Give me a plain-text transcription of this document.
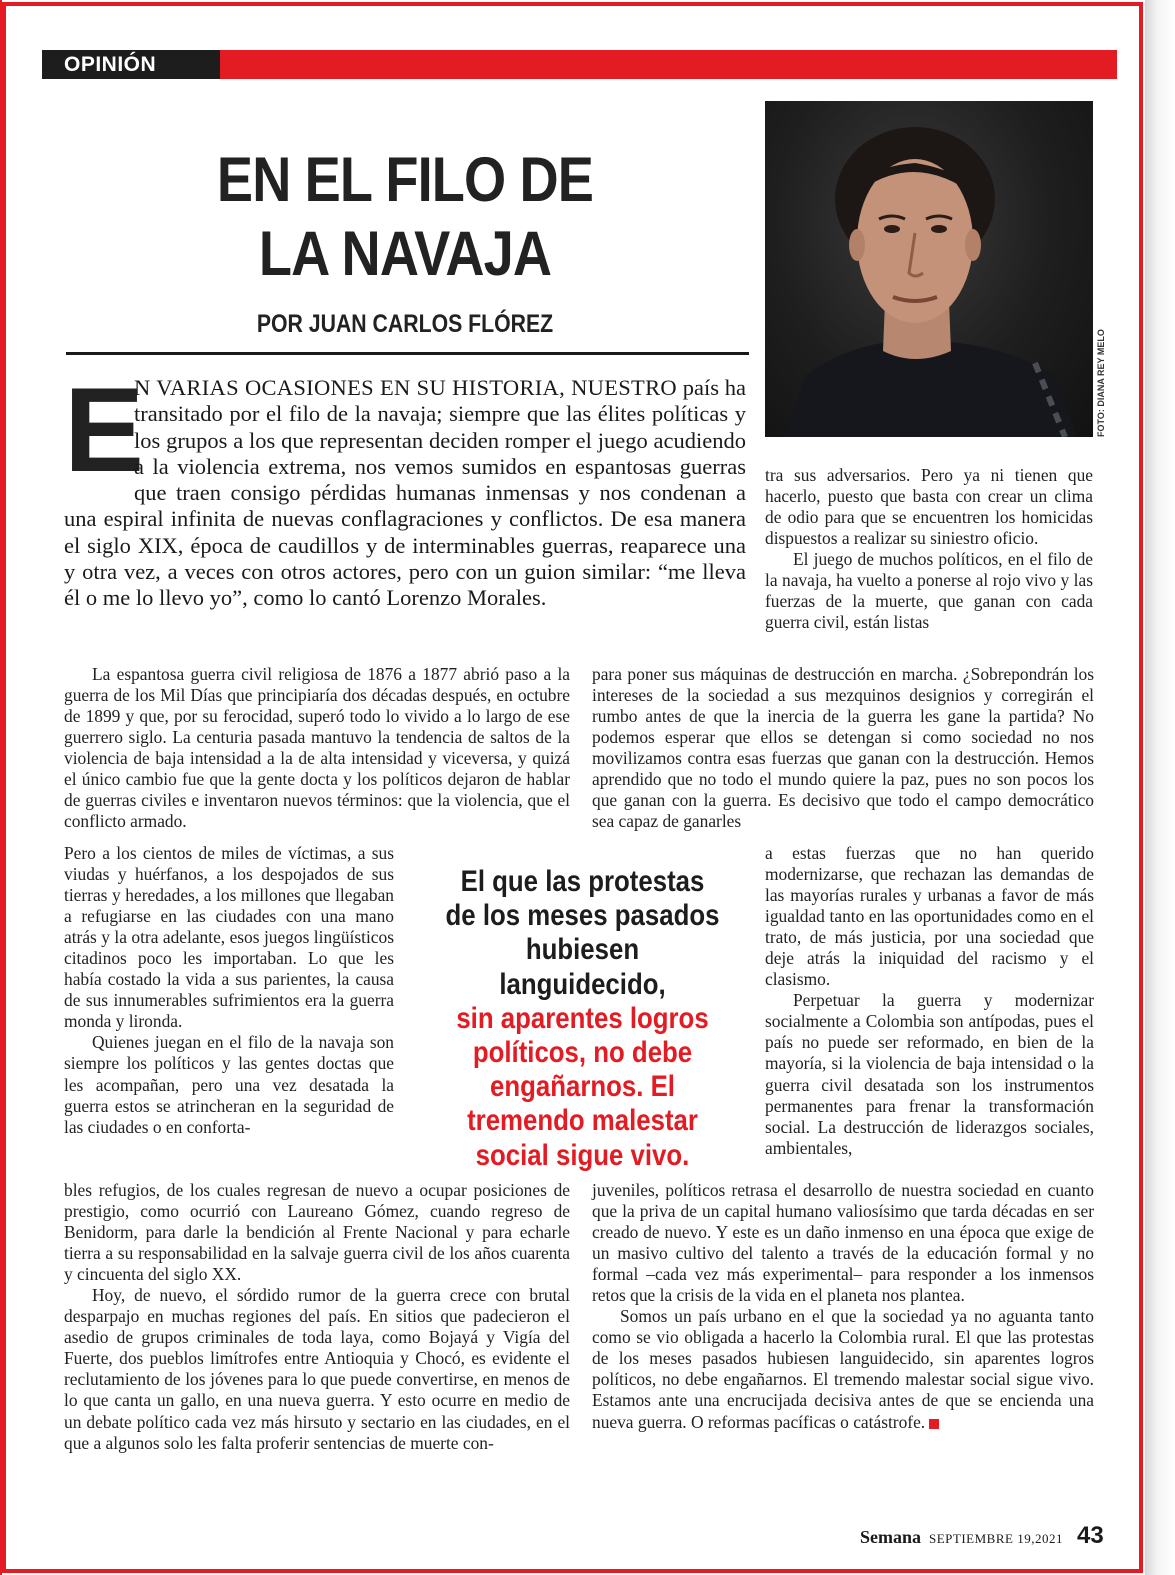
OPINIÓN
EN EL FILO DE
LA NAVAJA
POR JUAN CARLOS FLÓREZ
E
N VARIAS OCASIONES EN SU HISTORIA, NUESTRO país ha transitado por el filo de la navaja; siempre que las élites políticas y los grupos a los que representan deciden romper el juego acudiendo a la violencia extrema, nos vemos sumidos en espantosas guerras que traen consigo pérdidas humanas inmensas y nos condenan a una espiral infinita de nuevas conflagraciones y conflictos. De esa manera el siglo XIX, época de caudillos y de interminables guerras, reaparece una y otra vez, a veces con otros actores, pero con un guion similar: “me lleva él o me lo llevo yo”, como lo cantó Lorenzo Morales.

tra sus adversarios. Pero ya ni tienen que hacerlo, puesto que basta con crear un clima de odio para que se encuentren los homicidas dispuestos a realizar su siniestro oficio.

El juego de muchos políticos, en el filo de la navaja, ha vuelto a ponerse al rojo vivo y las fuerzas de la muerte, que ganan con cada guerra civil, están listas

La espantosa guerra civil religiosa de 1876 a 1877 abrió paso a la guerra de los Mil Días que principiaría dos décadas después, en octubre de 1899 y que, por su ferocidad, superó todo lo vivido a lo largo de ese guerrero siglo. La centuria pasada mantuvo la tendencia de saltos de la violencia de baja intensidad a la de alta intensidad y viceversa, y quizá el único cambio fue que la gente docta y los políticos dejaron de hablar de guerras civiles e inventaron nuevos términos: que la violencia, que el conflicto armado.

Pero a los cientos de miles de víctimas, a sus viudas y huérfanos, a los despojados de sus tierras y heredades, a los millones que llegaban a refugiarse en las ciudades con una mano atrás y la otra adelante, esos juegos lingüísticos citadinos poco les importaban. Lo que les había costado la vida a sus parientes, la causa de sus innumerables sufrimientos era la guerra monda y lironda.

Quienes juegan en el filo de la navaja son siempre los políticos y las gentes doctas que les acompañan, pero una vez desatada la guerra estos se atrincheran en la seguridad de las ciudades o en conforta-

bles refugios, de los cuales regresan de nuevo a ocupar posiciones de prestigio, como ocurrió con Laureano Gómez, cuando regreso de Benidorm, para darle la bendición al Frente Nacional y para echarle tierra a su responsabilidad en la salvaje guerra civil de los años cuarenta y cincuenta del siglo XX.

Hoy, de nuevo, el sórdido rumor de la guerra crece con brutal desparpajo en muchas regiones del país. En sitios que padecieron el asedio de grupos criminales de toda laya, como Bojayá y Vigía del Fuerte, dos pueblos limítrofes entre Antioquia y Chocó, es evidente el reclutamiento de los jóvenes para lo que puede convertirse, en menos de lo que canta un gallo, en una nueva guerra. Y esto ocurre en medio de un debate político cada vez más hirsuto y sectario en las ciudades, en el que a algunos solo les falta proferir sentencias de muerte con-

para poner sus máquinas de destrucción en marcha. ¿Sobrepondrán los intereses de la sociedad a sus mezquinos designios y corregirán el rumbo antes de que la inercia de la guerra les gane la partida? No podemos esperar que ellos se detengan si como sociedad no nos movilizamos contra esas fuerzas que ganan con la destrucción. Hemos aprendido que no todo el mundo quiere la paz, pues no son pocos los que ganan con la guerra. Es decisivo que todo el campo democrático sea capaz de ganarles

a estas fuerzas que no han querido modernizarse, que rechazan las demandas de las mayorías rurales y urbanas a favor de más igualdad tanto en las oportunidades como en el trato, de más justicia, por una sociedad que deje atrás la iniquidad del racismo y el clasismo.

Perpetuar la guerra y modernizar socialmente a Colombia son antípodas, pues el país no puede ser reformado, en bien de la mayoría, si la violencia de baja intensidad o la guerra civil desatada son los instrumentos permanentes para frenar la transformación social. La destrucción de liderazgos sociales, ambientales,

juveniles, políticos retrasa el desarrollo de nuestra sociedad en cuanto que la priva de un capital humano valiosísimo que tarda décadas en ser creado de nuevo. Y este es un daño inmenso en una época que exige de un masivo cultivo del talento a través de la educación formal y no formal –cada vez más experimental– para responder a los inmensos retos que la crisis de la vida en el planeta nos plantea.

Somos un país urbano en el que la sociedad ya no aguanta tanto como se vio obligada a hacerlo la Colombia rural. El que las protestas de los meses pasados hubiesen languidecido, sin aparentes logros políticos, no debe engañarnos. El tremendo malestar social sigue vivo. Estamos ante una encrucijada decisiva antes de que se encienda una nueva guerra. O reformas pacíficas o catástrofe.

El que las protestas
de los meses pasados
hubiesen languidecido,
sin aparentes logros
políticos, no debe
engañarnos. El
tremendo malestar
social sigue vivo.
Semana SEPTIEMBRE 19,2021 43
